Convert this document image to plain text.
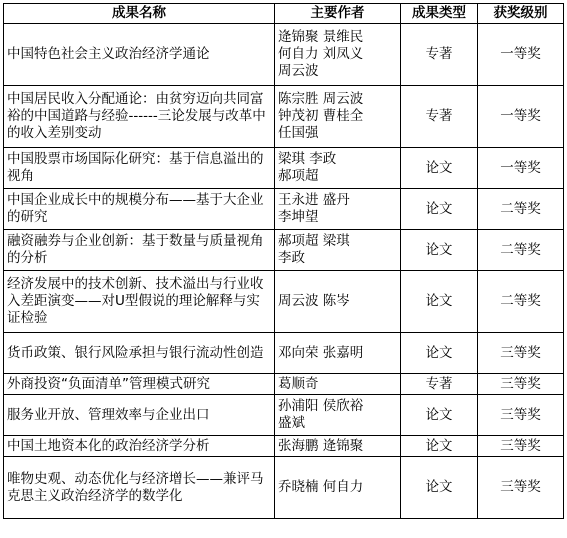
成果名称	主要作者	成果类型	获奖级别
中国特色社会主义政治经济学通论	逄锦聚 景维民
何自力 刘凤义
周云波	专著	一等奖
中国居民收入分配通论：由贫穷迈向共同富裕的中国道路与经验------三论发展与改革中的收入差别变动	陈宗胜 周云波
钟茂初 曹桂全
任国强	专著	一等奖
中国股票市场国际化研究：基于信息溢出的视角	梁琪 李政
郝项超	论文	一等奖
中国企业成长中的规模分布——基于大企业的研究	王永进 盛丹
李坤望	论文	二等奖
融资融券与企业创新：基于数量与质量视角的分析	郝项超 梁琪
李政	论文	二等奖
经济发展中的技术创新、技术溢出与行业收入差距演变——对U型假说的理论解释与实证检验	周云波 陈岑	论文	二等奖
货币政策、银行风险承担与银行流动性创造	邓向荣 张嘉明	论文	三等奖
外商投资“负面清单”管理模式研究	葛顺奇	专著	三等奖
服务业开放、管理效率与企业出口	孙浦阳 侯欣裕
盛斌	论文	三等奖
中国土地资本化的政治经济学分析	张海鹏 逄锦聚	论文	三等奖
唯物史观、动态优化与经济增长——兼评马克思主义政治经济学的数学化	乔晓楠 何自力	论文	三等奖
